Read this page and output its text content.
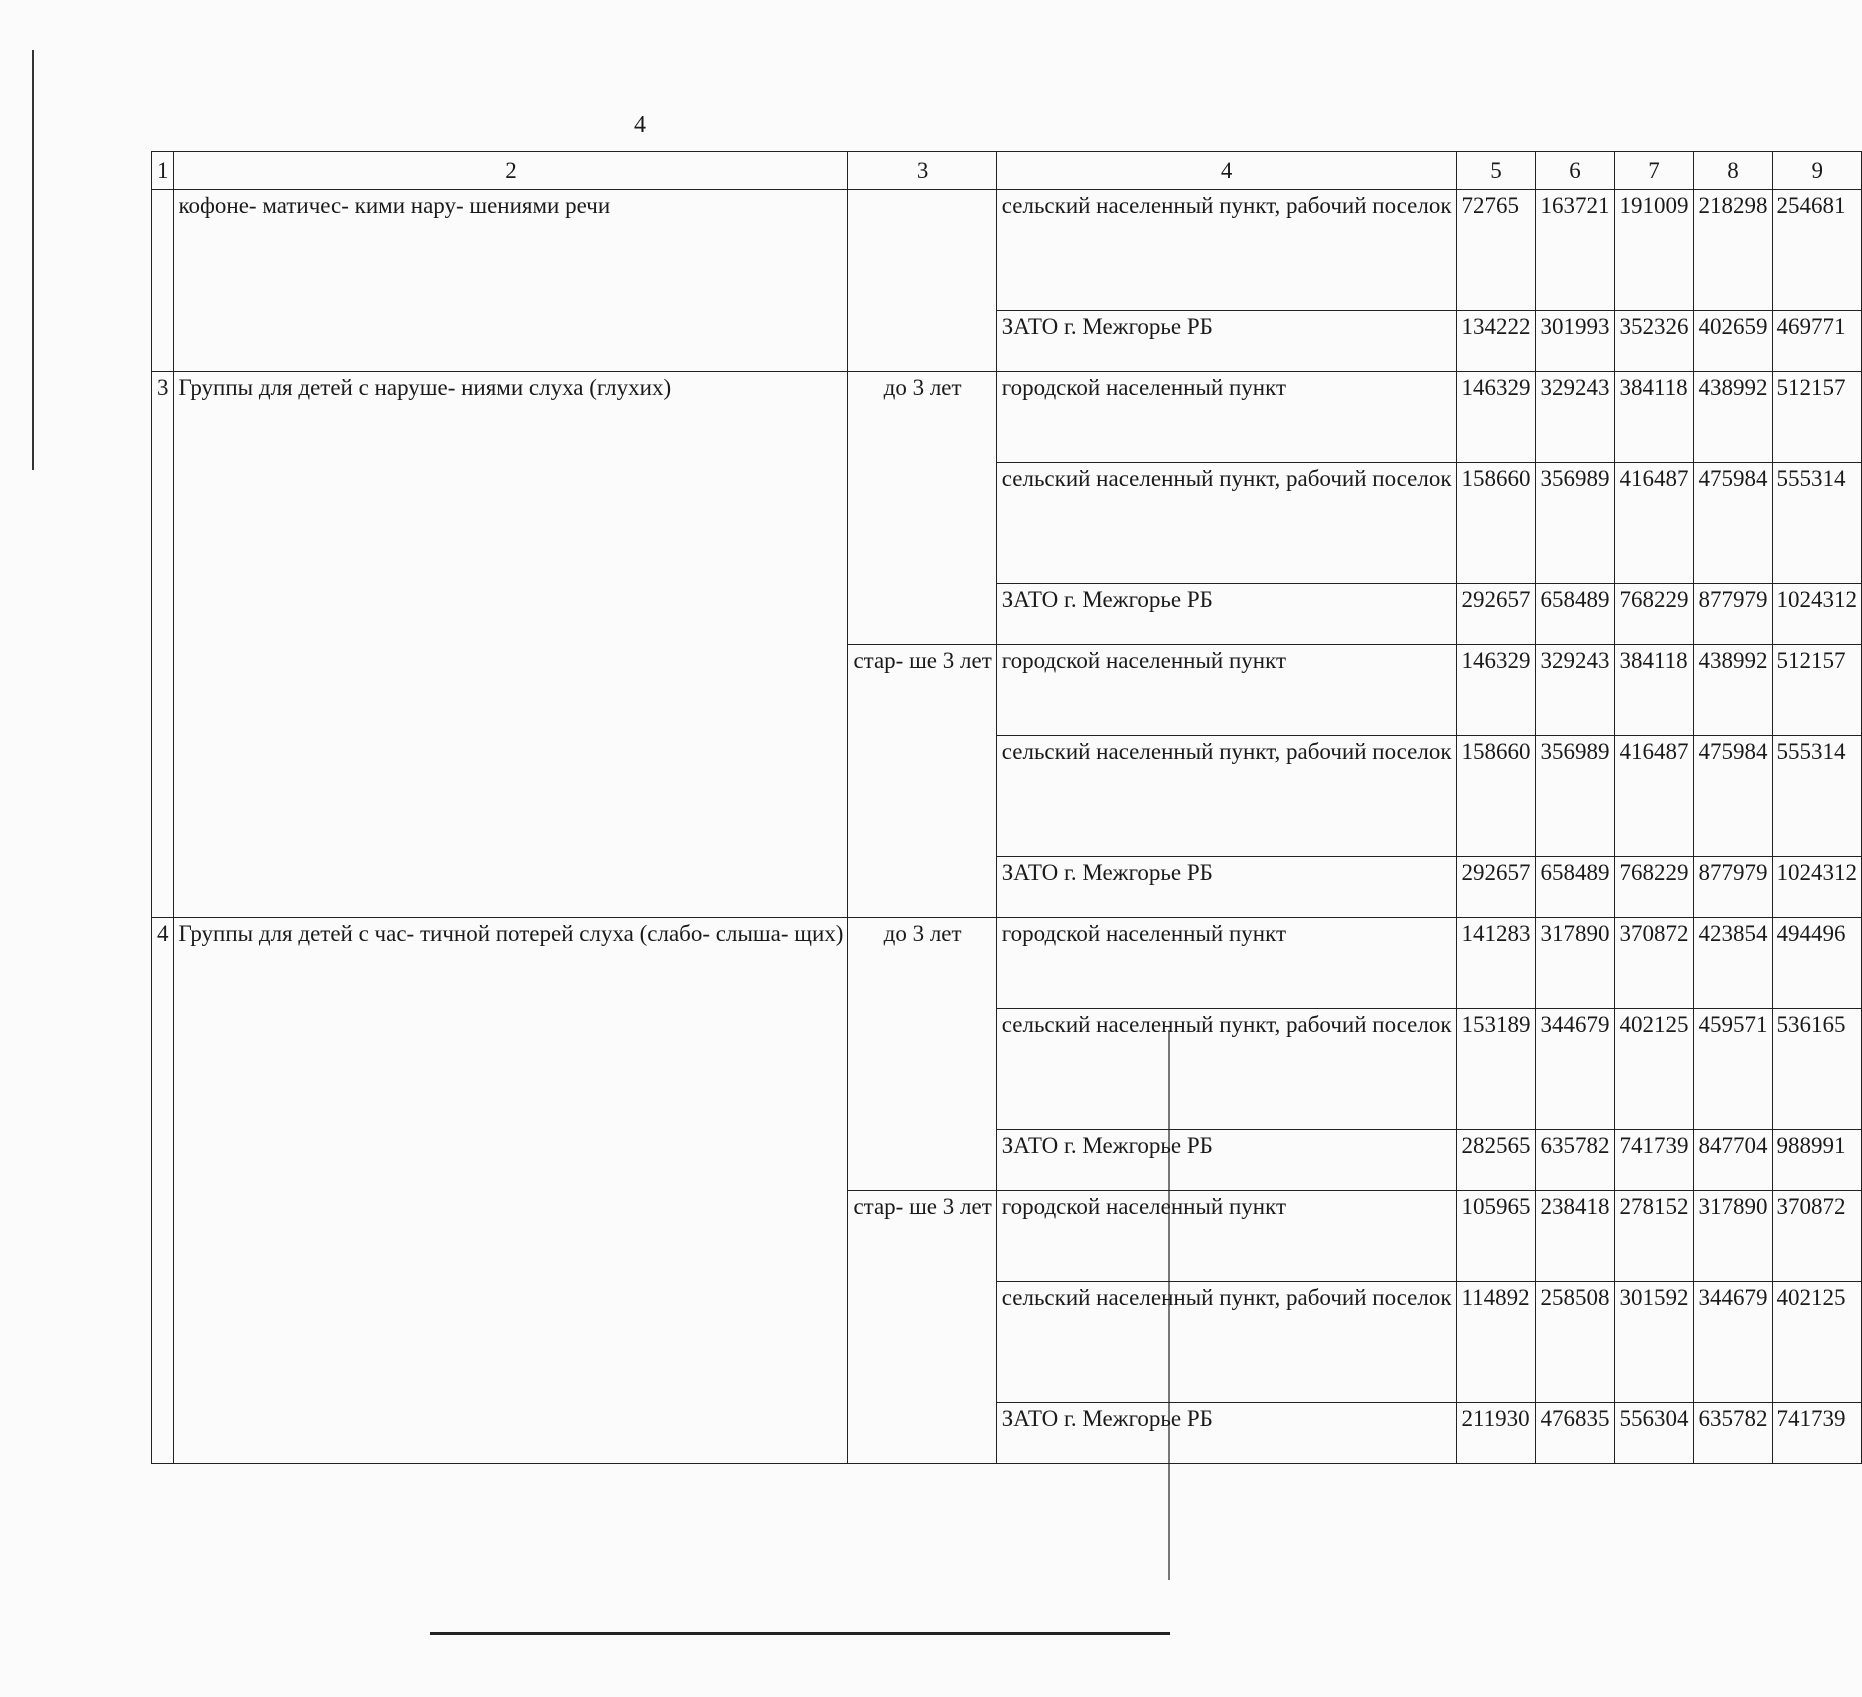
4
1	2	3	4	5	6	7	8	9
	кофоне- матичес- кими нару- шениями речи		сельский населенный пункт, рабочий поселок	72765	163721	191009	218298	254681
			ЗАТО г. Межгорье РБ	134222	301993	352326	402659	469771
3	Группы для детей с наруше- ниями слуха (глухих)	до 3 лет	городской населенный пункт	146329	329243	384118	438992	512157
			сельский населенный пункт, рабочий поселок	158660	356989	416487	475984	555314
			ЗАТО г. Межгорье РБ	292657	658489	768229	877979	1024312
		стар- ше 3 лет	городской населенный пункт	146329	329243	384118	438992	512157
			сельский населенный пункт, рабочий поселок	158660	356989	416487	475984	555314
			ЗАТО г. Межгорье РБ	292657	658489	768229	877979	1024312
4	Группы для детей с час- тичной потерей слуха (слабо- слыша- щих)	до 3 лет	городской населенный пункт	141283	317890	370872	423854	494496
			сельский населенный пункт, рабочий поселок	153189	344679	402125	459571	536165
			ЗАТО г. Межгорье РБ	282565	635782	741739	847704	988991
		стар- ше 3 лет	городской населенный пункт	105965	238418	278152	317890	370872
			сельский населенный пункт, рабочий поселок	114892	258508	301592	344679	402125
			ЗАТО г. Межгорье РБ	211930	476835	556304	635782	741739
